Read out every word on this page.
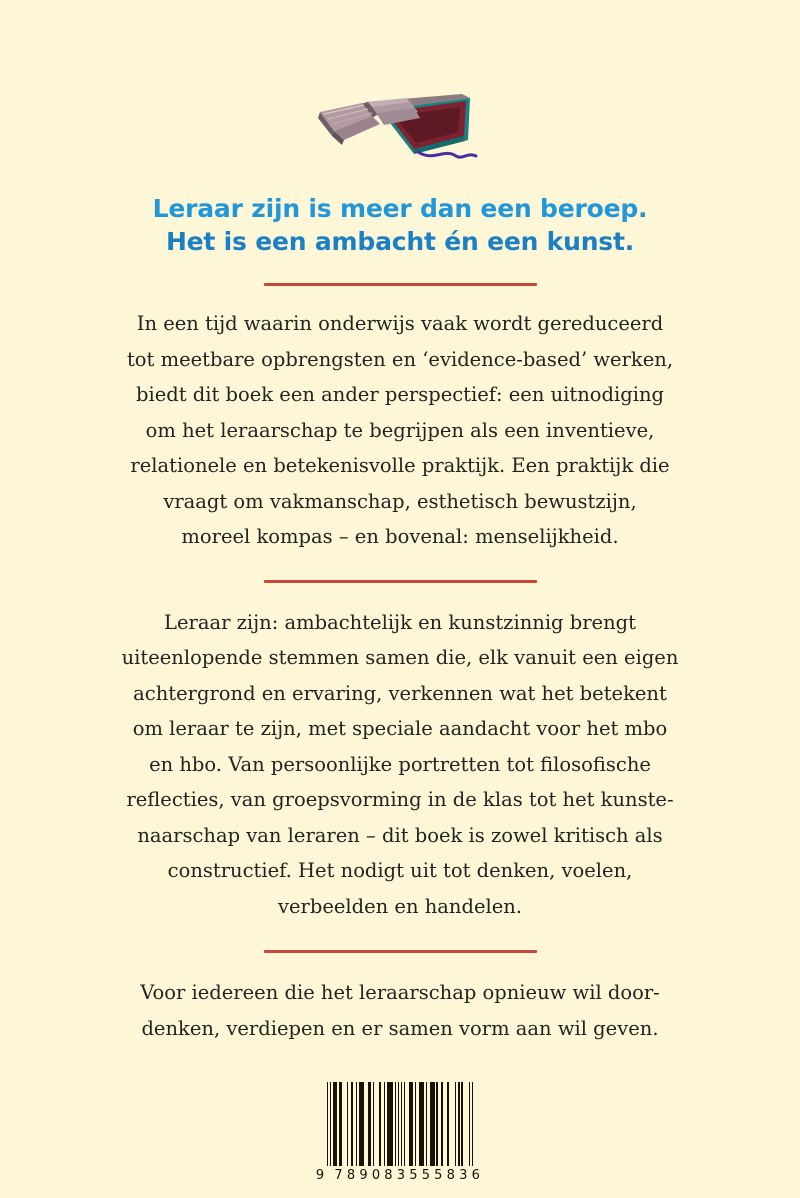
Leraar zijn is meer dan een beroep.
Het is een ambacht én een kunst.
In een tijd waarin onderwijs vaak wordt gereduceerd
tot meetbare opbrengsten en ‘evidence-based’ werken,
biedt dit boek een ander perspectief: een uitnodiging
om het leraarschap te begrijpen als een inventieve,
relationele en betekenisvolle praktijk. Een praktijk die
vraagt om vakmanschap, esthetisch bewustzijn,
moreel kompas – en bovenal: menselijkheid.
Leraar zijn: ambachtelijk en kunstzinnig brengt
uiteenlopende stemmen samen die, elk vanuit een eigen
achtergrond en ervaring, verkennen wat het betekent
om leraar te zijn, met speciale aandacht voor het mbo
en hbo. Van persoonlijke portretten tot filosofische
reflecties, van groepsvorming in de klas tot het kunste-
naarschap van leraren – dit boek is zowel kritisch als
constructief. Het nodigt uit tot denken, voelen,
verbeelden en handelen.
Voor iedereen die het leraarschap opnieuw wil door-
denken, verdiepen en er samen vorm aan wil geven.
9 789083 555836
